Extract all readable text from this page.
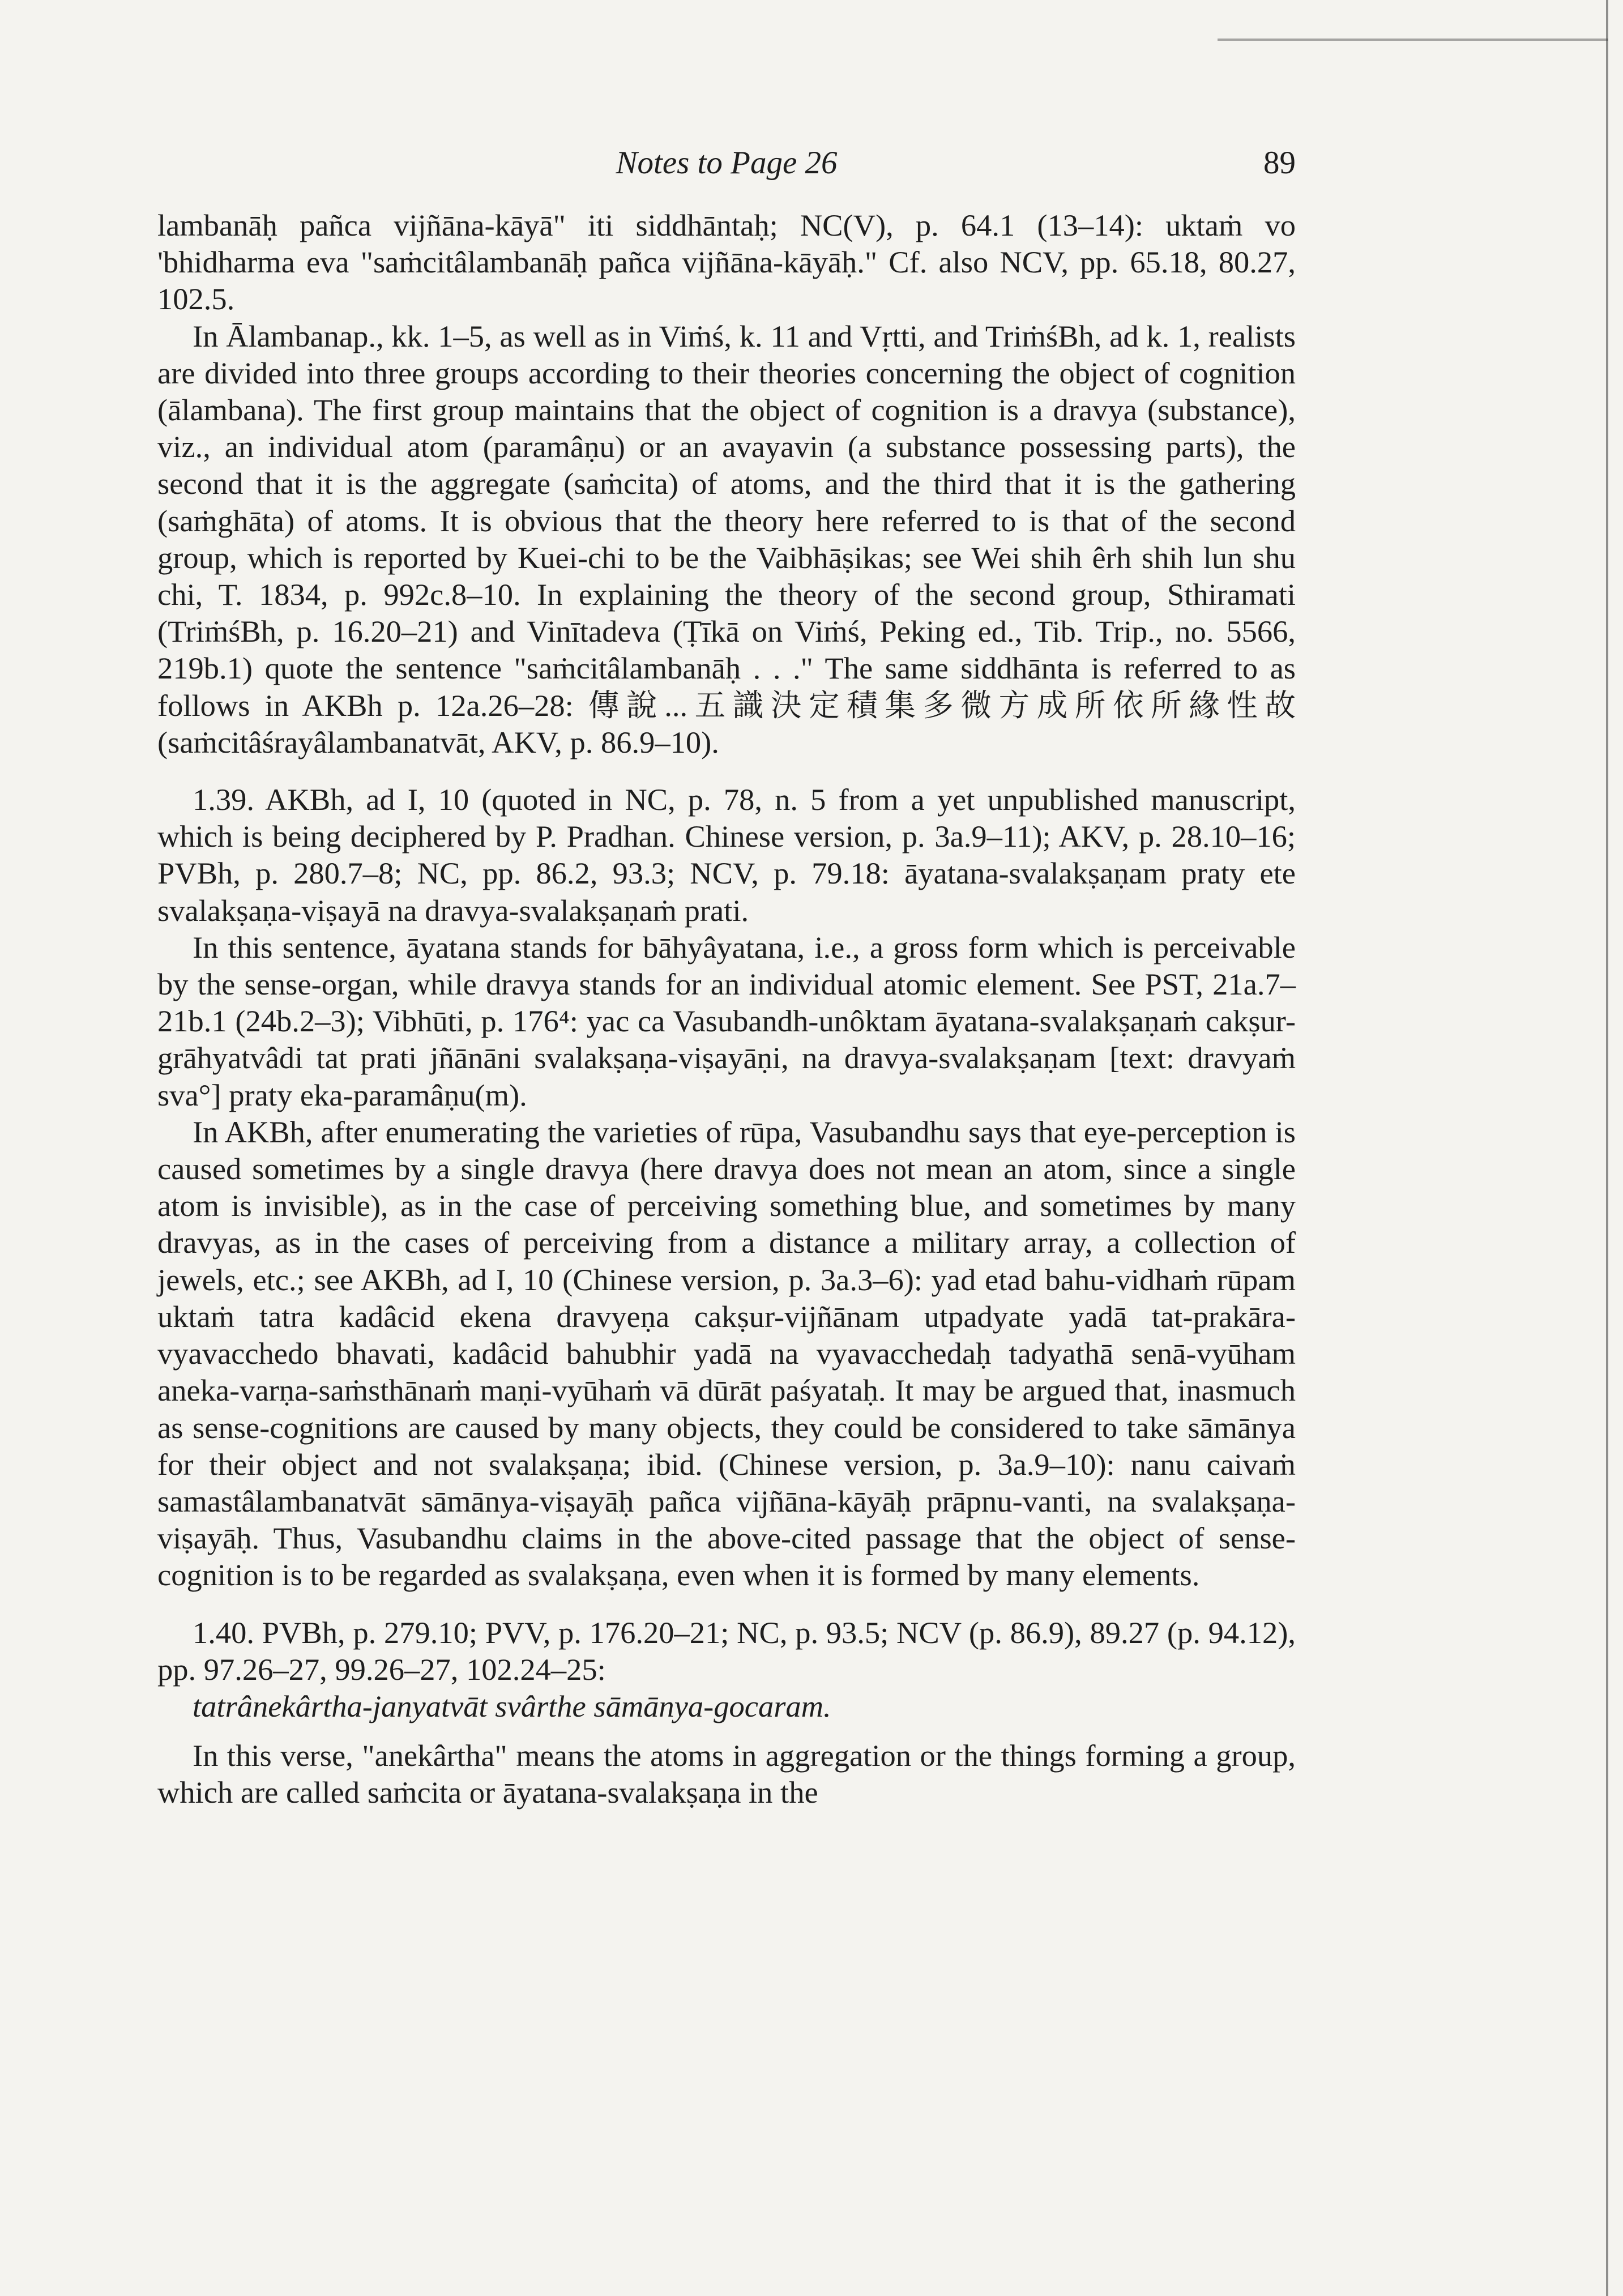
Notes to Page 26	89

lambanāḥ pañca vijñāna-kāyā" iti siddhāntaḥ; NC(V), p. 64.1 (13–14): uktaṁ vo 'bhidharma eva "saṁcitâlambanāḥ pañca vijñāna-kāyāḥ." Cf. also NCV, pp. 65.18, 80.27, 102.5.

In Ālambanap., kk. 1–5, as well as in Viṁś, k. 11 and Vṛtti, and TriṁśBh, ad k. 1, realists are divided into three groups according to their theories concerning the object of cognition (ālambana). The first group maintains that the object of cognition is a dravya (substance), viz., an individual atom (paramâṇu) or an avayavin (a substance possessing parts), the second that it is the aggregate (saṁcita) of atoms, and the third that it is the gathering (saṁghāta) of atoms. It is obvious that the theory here referred to is that of the second group, which is reported by Kuei-chi to be the Vaibhāṣikas; see Wei shih êrh shih lun shu chi, T. 1834, p. 992c.8–10. In explaining the theory of the second group, Sthiramati (TriṁśBh, p. 16.20–21) and Vinītadeva (Ṭīkā on Viṁś, Peking ed., Tib. Trip., no. 5566, 219b.1) quote the sentence "saṁcitâlambanāḥ . . ." The same siddhānta is referred to as follows in AKBh p. 12a.26–28: 傳說...五識決定積集多微方成所依所緣性故 (saṁcitâśrayâlambanatvāt, AKV, p. 86.9–10).

1.39. AKBh, ad I, 10 (quoted in NC, p. 78, n. 5 from a yet unpublished manuscript, which is being deciphered by P. Pradhan. Chinese version, p. 3a.9–11); AKV, p. 28.10–16; PVBh, p. 280.7–8; NC, pp. 86.2, 93.3; NCV, p. 79.18: āyatana-svalakṣaṇam praty ete svalakṣaṇa-viṣayā na dravya-svalakṣaṇaṁ prati.

In this sentence, āyatana stands for bāhyâyatana, i.e., a gross form which is perceivable by the sense-organ, while dravya stands for an individual atomic element. See PST, 21a.7–21b.1 (24b.2–3); Vibhūti, p. 176⁴: yac ca Vasubandh-unôktam āyatana-svalakṣaṇaṁ cakṣur-grāhyatvâdi tat prati jñānāni svalakṣaṇa-viṣayāṇi, na dravya-svalakṣaṇam [text: dravyaṁ sva°] praty eka-paramâṇu(m).

In AKBh, after enumerating the varieties of rūpa, Vasubandhu says that eye-perception is caused sometimes by a single dravya (here dravya does not mean an atom, since a single atom is invisible), as in the case of perceiving something blue, and sometimes by many dravyas, as in the cases of perceiving from a distance a military array, a collection of jewels, etc.; see AKBh, ad I, 10 (Chinese version, p. 3a.3–6): yad etad bahu-vidhaṁ rūpam uktaṁ tatra kadâcid ekena dravyeṇa cakṣur-vijñānam utpadyate yadā tat-prakāra-vyavacchedo bhavati, kadâcid bahubhir yadā na vyavacchedaḥ tadyathā senā-vyūham aneka-varṇa-saṁsthānaṁ maṇi-vyūhaṁ vā dūrāt paśyataḥ. It may be argued that, inasmuch as sense-cognitions are caused by many objects, they could be considered to take sāmānya for their object and not svalakṣaṇa; ibid. (Chinese version, p. 3a.9–10): nanu caivaṁ samastâlambanatvāt sāmānya-viṣayāḥ pañca vijñāna-kāyāḥ prāpnu-vanti, na svalakṣaṇa-viṣayāḥ. Thus, Vasubandhu claims in the above-cited passage that the object of sense-cognition is to be regarded as svalakṣaṇa, even when it is formed by many elements.

1.40. PVBh, p. 279.10; PVV, p. 176.20–21; NC, p. 93.5; NCV (p. 86.9), 89.27 (p. 94.12), pp. 97.26–27, 99.26–27, 102.24–25:

tatrânekârtha-janyatvāt svârthe sāmānya-gocaram.

In this verse, "anekârtha" means the atoms in aggregation or the things forming a group, which are called saṁcita or āyatana-svalakṣaṇa in the
